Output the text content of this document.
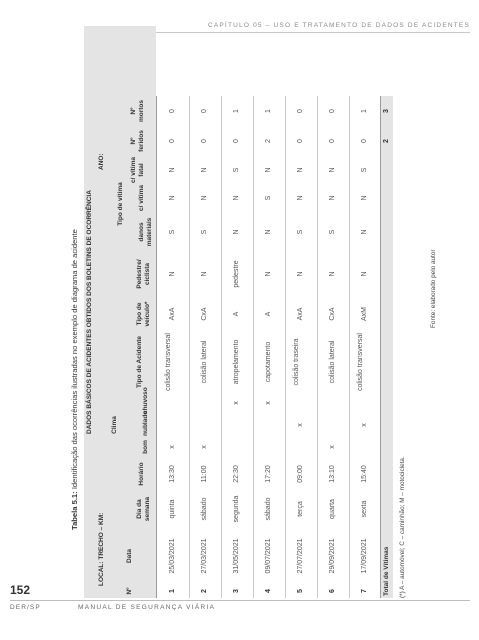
CAPÍTULO 05 – USO E TRATAMENTO DE DADOS DE ACIDENTES
Tabela 5.1: Identificação das ocorrências ilustradas no exemplo de diagrama de acidente DADOS BÁSICOS DE ACIDENTES OBTIDOS DOS BOLETINS DE OCORRÊNCIA
LOCAL: TRECHO – KM:
ANO:
Nº
Data
Dia da semana
Horário
Clima
bom
nublado
chuvoso
Tipo de Acidente
Tipo de veículo*
Pedestre/ ciclista
Tipo de vítima
danos materiais
c/ vítima
c/ vítima fatal
Nº feridos
Nº mortos
Total de Vítimas
2
3
1
25/03/2021
quinta
13:30
x
colisão transversal
AxA
N
S
N
N
0
0
2
27/03/2021
sábado
11:00
x
colisão lateral
CxA
N
S
N
N
0
0
3
31/05/2021
segunda
22:30
x
atropelamento
A
pedestre
N
N
S
0
1
4
09/07/2021
sábado
17:20
x
capotamento
A
N
N
S
N
2
1
5
27/07/2021
terça
09:00
x
colisão traseira
AxA
N
S
N
N
0
0
6
29/09/2021
quarta
13:10
x
colisão lateral
CxA
N
S
N
N
0
0
7
17/09/2021
sexta
15:40
x
colisão transversal
AxM
N
N
N
S
0
1
(*) A – automóvel; C – caminhão; M – motocicleta.
Fonte: elaborado pelo autor
152
DER/SP	MANUAL DE SEGURANÇA VIÁRIA
